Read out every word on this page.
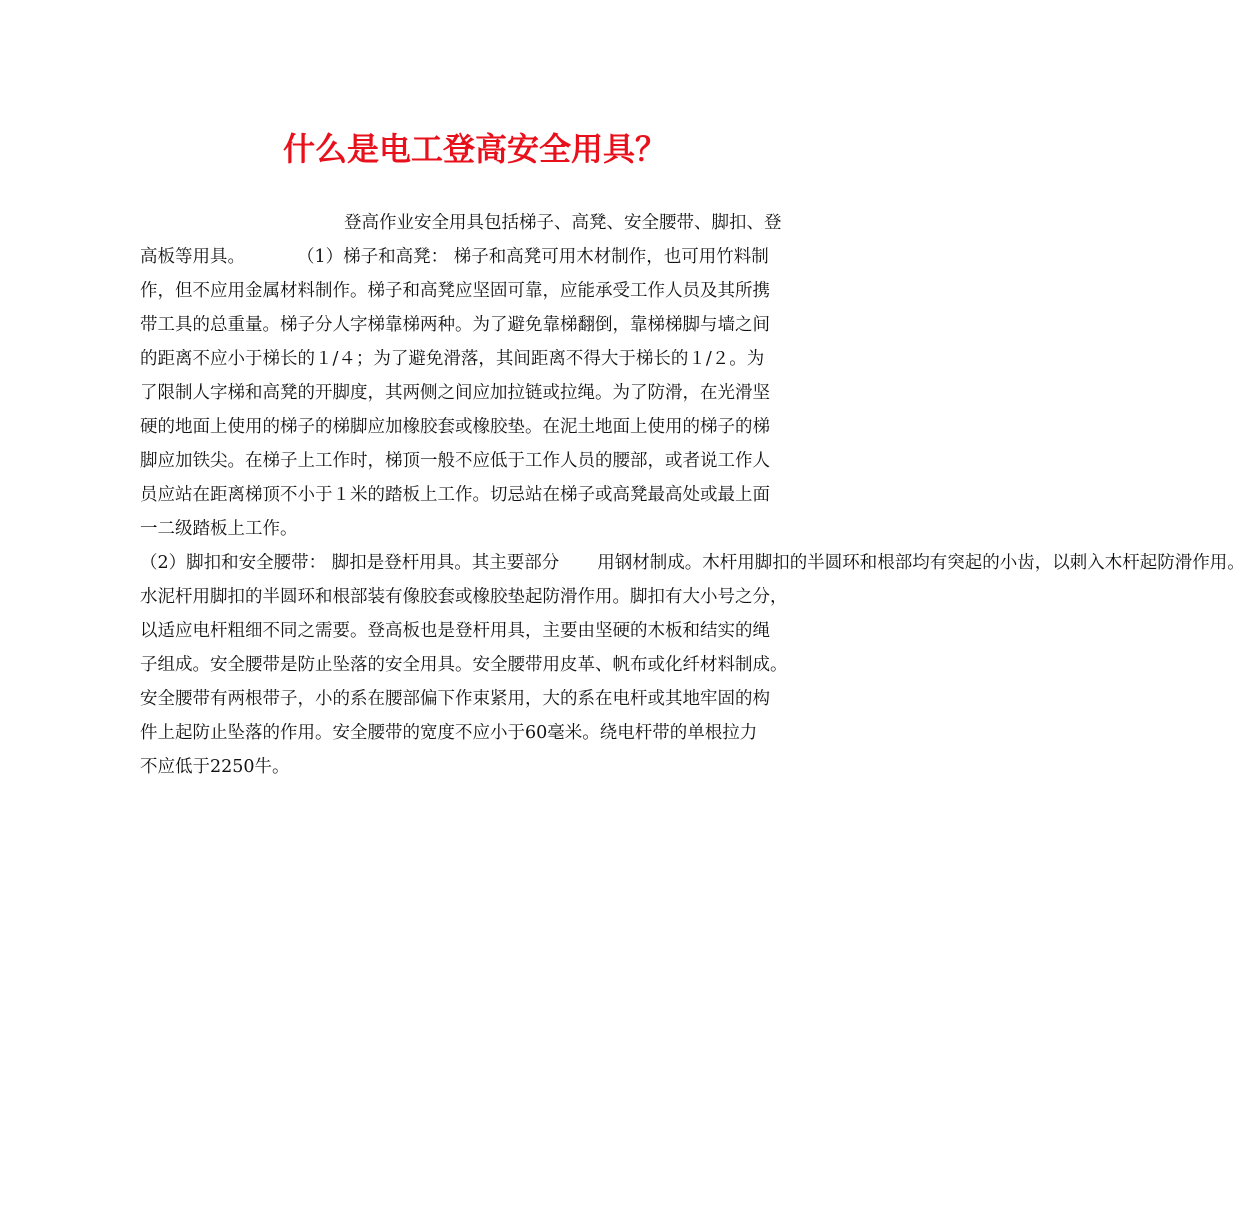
什么是电工登高安全用具？
登高作业安全用具包括梯子、高凳、安全腰带、脚扣、登
高板等用具。	（1）梯子和高凳： 梯子和高凳可用木材制作，也可用竹料制
作，但不应用金属材料制作。梯子和高凳应坚固可靠，应能承受工作人员及其所携
带工具的总重量。梯子分人字梯靠梯两种。为了避免靠梯翻倒，靠梯梯脚与墙之间
的距离不应小于梯长的１/４；为了避免滑落，其间距离不得大于梯长的１/２。为
了限制人字梯和高凳的开脚度，其两侧之间应加拉链或拉绳。为了防滑，在光滑坚
硬的地面上使用的梯子的梯脚应加橡胶套或橡胶垫。在泥土地面上使用的梯子的梯
脚应加铁尖。在梯子上工作时，梯顶一般不应低于工作人员的腰部，或者说工作人
员应站在距离梯顶不小于１米的踏板上工作。切忌站在梯子或高凳最高处或最上面
一二级踏板上工作。
（2）脚扣和安全腰带： 脚扣是登杆用具。其主要部分 用钢材制成。木杆用脚扣的半圆环和根部均有突起的小齿，以刺入木杆起防滑作用。
水泥杆用脚扣的半圆环和根部装有像胶套或橡胶垫起防滑作用。脚扣有大小号之分，
以适应电杆粗细不同之需要。登高板也是登杆用具，主要由坚硬的木板和结实的绳
子组成。安全腰带是防止坠落的安全用具。安全腰带用皮革、帆布或化纤材料制成。
安全腰带有两根带子，小的系在腰部偏下作束紧用，大的系在电杆或其地牢固的构
件上起防止坠落的作用。安全腰带的宽度不应小于60毫米。绕电杆带的单根拉力
不应低于2250牛。
